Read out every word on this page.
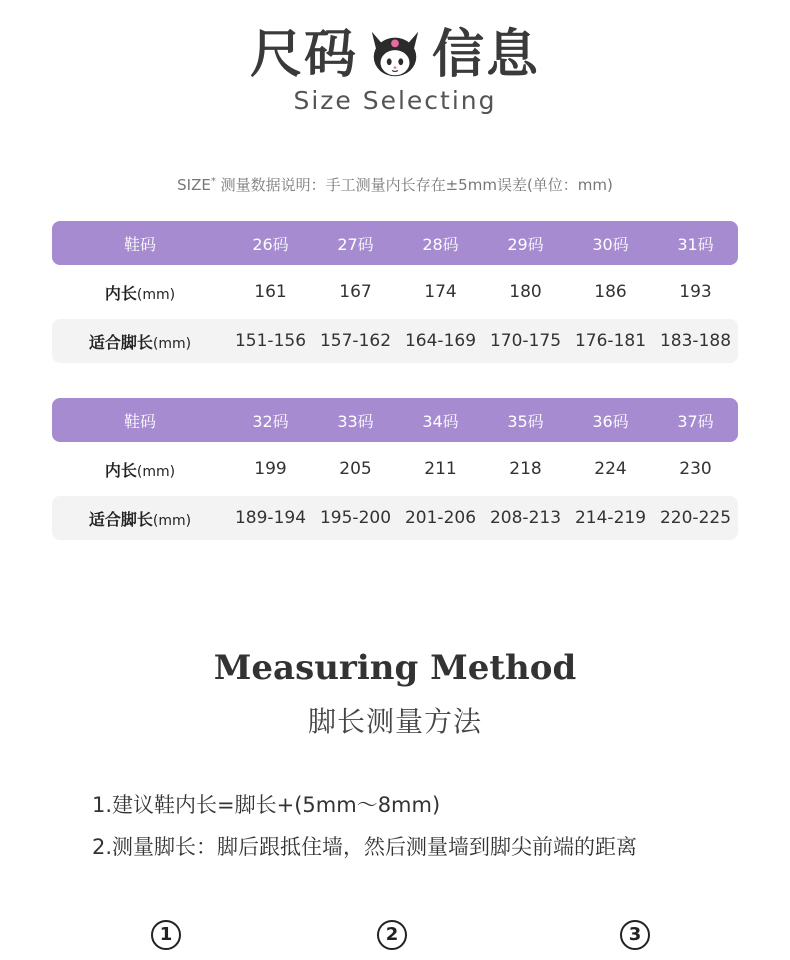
尺码 信息
Size Selecting
SIZE* 测量数据说明：手工测量内长存在±5mm误差(单位：mm)
鞋码	26码	27码	28码	29码	30码	31码
内长(mm)	161	167	174	180	186	193
适合脚长(mm)	151-156 157-162 164-169 170-175 176-181 183-188
鞋码	32码	33码	34码	35码	36码	37码
内长(mm)	199	205	211	218	224	230
适合脚长(mm)	189-194 195-200 201-206 208-213 214-219 220-225
Measuring Method
脚长测量方法
1.建议鞋内长=脚长+(5mm～8mm)
2.测量脚长：脚后跟抵住墙，然后测量墙到脚尖前端的距离
1	2	3
